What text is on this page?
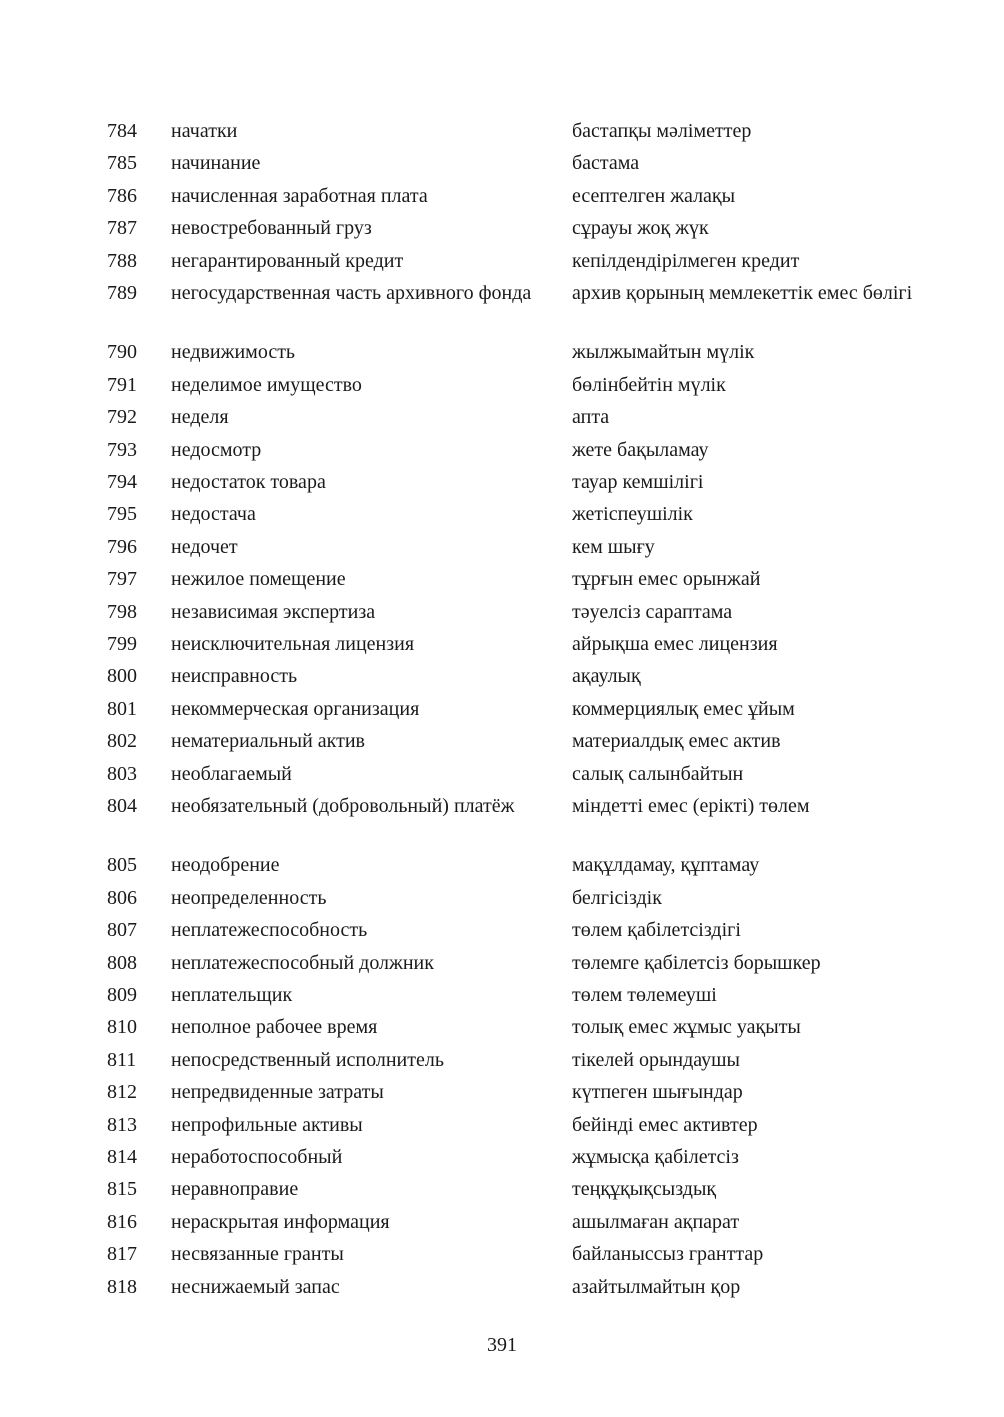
784 начатки	бастапқы мәліметтер
785 начинание	бастама
786 начисленная заработная плата	есептелген жалақы
787 невостребованный груз	сұрауы жоқ жүк
788 негарантированный кредит	кепілдендірілмеген кредит
789 негосударственная часть архивного фонда	архив қорының мемлекеттік емес бөлігі
790 недвижимость	жылжымайтын мүлік
791 неделимое имущество	бөлінбейтін мүлік
792 неделя	апта
793 недосмотр	жете бақыламау
794 недостаток товара	тауар кемшілігі
795 недостача	жетіспеушілік
796 недочет	кем шығу
797 нежилое помещение	тұрғын емес орынжай
798 независимая экспертиза	тәуелсіз сараптама
799 неисключительная лицензия	айрықша емес лицензия
800 неисправность	ақаулық
801 некоммерческая организация	коммерциялық емес ұйым
802 нематериальный актив	материалдық емес актив
803 необлагаемый	салық салынбайтын
804 необязательный (добровольный) платёж	міндетті емес (ерікті) төлем
805 неодобрение	мақұлдамау, құптамау
806 неопределенность	белгісіздік
807 неплатежеспособность	төлем қабілетсіздігі
808 неплатежеспособный должник	төлемге қабілетсіз борышкер
809 неплательщик	төлем төлемеуші
810 неполное рабочее время	толық емес жұмыс уақыты
811 непосредственный исполнитель	тікелей орындаушы
812 непредвиденные затраты	күтпеген шығындар
813 непрофильные активы	бейінді емес активтер
814 неработоспособный	жұмысқа қабілетсіз
815 неравноправие	теңқұқықсыздық
816 нераскрытая информация	ашылмаған ақпарат
817 несвязанные гранты	байланыссыз гранттар
818 неснижаемый запас	азайтылмайтын қор
391
